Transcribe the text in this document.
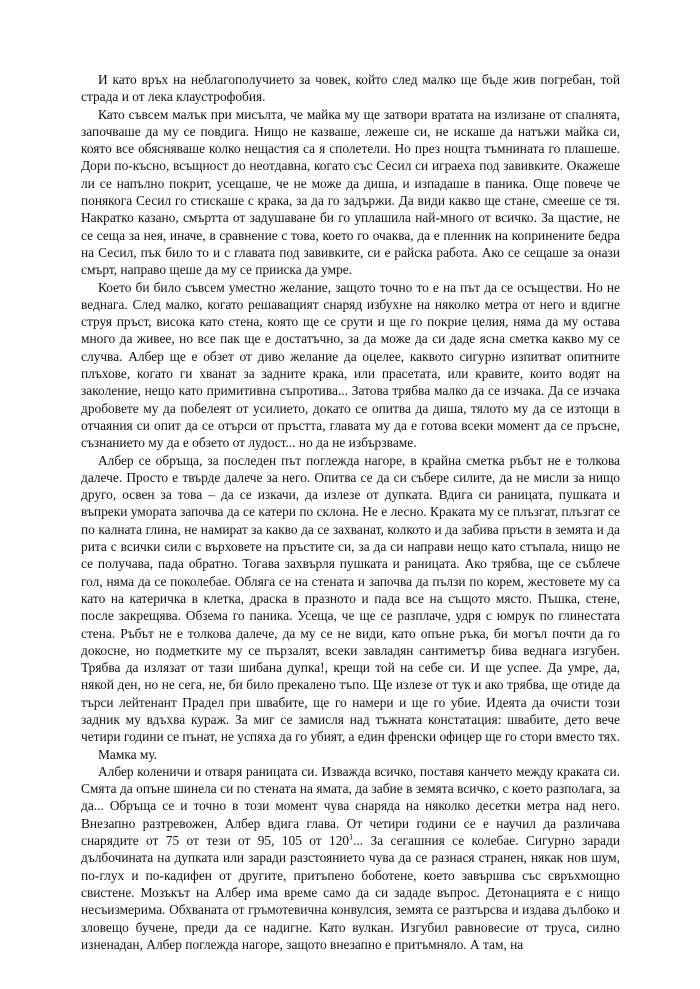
И като връх на неблагополучието за човек, който след малко ще бъде жив погребан, той страда и от лека клаустрофобия.

Като съвсем малък при мисълта, че майка му ще затвори вратата на излизане от спалнята, започваше да му се повдига. Нищо не казваше, лежеше си, не искаше да натъжи майка си, която все обясняваше колко нещастия са я сполетели. Но през нощта тъмнината го плашеше. Дори по-късно, всъщност до неотдавна, когато със Сесил си играеха под завивките. Окажеше ли се напълно покрит, усещаше, че не може да диша, и изпадаше в паника. Още повече че понякога Сесил го стискаше с крака, за да го задържи. Да види какво ще стане, смееше се тя. Накратко казано, смъртта от задушаване би го уплашила най-много от всичко. За щастие, не се сеща за нея, иначе, в сравнение с това, което го очаква, да е пленник на копринените бедра на Сесил, пък било то и с главата под завивките, си е райска работа. Ако се сещаше за онази смърт, направо щеше да му се прииска да умре.

Което би било съвсем уместно желание, защото точно то е на път да се осъществи. Но не веднага. След малко, когато решаващият снаряд избухне на няколко метра от него и вдигне струя пръст, висока като стена, която ще се срути и ще го покрие целия, няма да му остава много да живее, но все пак ще е достатъчно, за да може да си даде ясна сметка какво му се случва. Албер ще е обзет от диво желание да оцелее, каквото сигурно изпитват опитните плъхове, когато ги хванат за задните крака, или прасетата, или кравите, които водят на заколение, нещо като примитивна съпротива... Затова трябва малко да се изчака. Да се изчака дробовете му да побелеят от усилието, докато се опитва да диша, тялото му да се изтощи в отчаяния си опит да се отърси от пръстта, главата му да е готова всеки момент да се пръсне, съзнанието му да е обзето от лудост... но да не избързваме.

Албер се обръща, за последен път поглежда нагоре, в крайна сметка ръбът не е толкова далече. Просто е твърде далече за него. Опитва се да си събере силите, да не мисли за нищо друго, освен за това – да се изкачи, да излезе от дупката. Вдига си раницата, пушката и въпреки умората започва да се катери по склона. Не е лесно. Краката му се плъзгат, плъзгат се по калната глина, не намират за какво да се захванат, колкото и да забива пръсти в земята и да рита с всички сили с върховете на пръстите си, за да си направи нещо като стъпала, нищо не се получава, пада обратно. Тогава захвърля пушката и раницата. Ако трябва, ще се съблече гол, няма да се поколебае. Обляга се на стената и започва да пълзи по корем, жестовете му са като на катеричка в клетка, драска в празното и пада все на същото място. Пъшка, стене, после закрещява. Обзема го паника. Усеща, че ще се разплаче, удря с юмрук по глинестата стена. Ръбът не е толкова далече, да му се не види, като опъне ръка, би могъл почти да го докосне, но подметките му се пързалят, всеки завладян сантиметър бива веднага изгубен. Трябва да излязат от тази шибана дупка!, крещи той на себе си. И ще успее. Да умре, да, някой ден, но не сега, не, би било прекалено тъпо. Ще излезе от тук и ако трябва, ще отиде да търси лейтенант Прадел при швабите, ще го намери и ще го убие. Идеята да очисти този задник му вдъхва кураж. За миг се замисля над тъжната констатация: швабите, дето вече четири години се пънат, не успяха да го убият, а един френски офицер ще го стори вместо тях.

Мамка му.

Албер коленичи и отваря раницата си. Изважда всичко, поставя канчето между краката си. Смята да опъне шинела си по стената на ямата, да забие в земята всичко, с което разполага, за да... Обръща се и точно в този момент чува снаряда на няколко десетки метра над него. Внезапно разтревожен, Албер вдига глава. От четири години се е научил да различава снарядите от 75 от тези от 95, 105 от $120^1$... За сегашния се колебае. Сигурно заради дълбочината на дупката или заради разстоянието чува да се разнася странен, някак нов шум, по-глух и по-кадифен от другите, притъпено боботене, което завършва със свръхмощно свистене. Мозъкът на Албер има време само да си зададе въпрос. Детонацията е с нищо несъизмерима. Обхваната от гръмотевична конвулсия, земята се разтърсва и издава дълбоко и зловещо бучене, преди да се надигне. Като вулкан. Изгубил равновесие от труса, силно изненадан, Албер поглежда нагоре, защото внезапно е притъмняло. А там, на
